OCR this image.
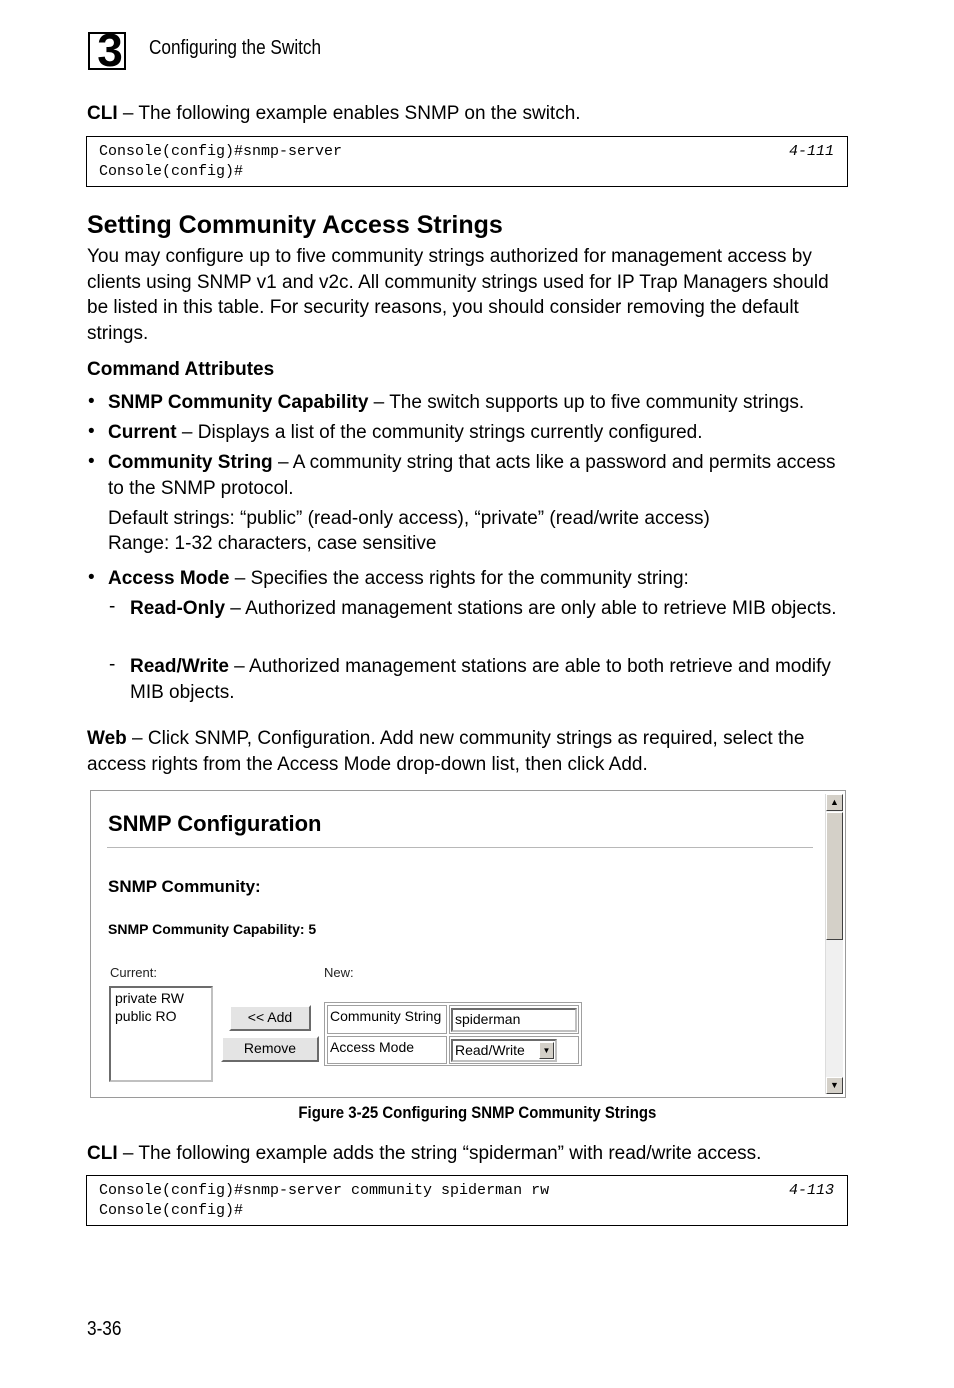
3	Configuring the Switch
CLI – The following example enables SNMP on the switch.
Console(config)#snmp-server
Console(config)#
4-111
Setting Community Access Strings
You may configure up to five community strings authorized for management access by clients using SNMP v1 and v2c. All community strings used for IP Trap Managers should be listed in this table. For security reasons, you should consider removing the default strings.
Command Attributes
• SNMP Community Capability – The switch supports up to five community strings.
• Current – Displays a list of the community strings currently configured.
• Community String – A community string that acts like a password and permits access to the SNMP protocol.
Default strings: “public” (read-only access), “private” (read/write access)
Range: 1-32 characters, case sensitive
• Access Mode – Specifies the access rights for the community string:
- Read-Only – Authorized management stations are only able to retrieve MIB objects.
- Read/Write – Authorized management stations are able to both retrieve and modify MIB objects.
Web – Click SNMP, Configuration. Add new community strings as required, select the access rights from the Access Mode drop-down list, then click Add.
SNMP Configuration
SNMP Community:
SNMP Community Capability: 5
Current:	New:
private RW
public RO	<< Add
Remove
Community String spiderman
Access Mode	Read/Write	▼
▲
▼
Figure 3-25 Configuring SNMP Community Strings
CLI – The following example adds the string “spiderman” with read/write access.
Console(config)#snmp-server community spiderman rw
Console(config)#
4-113
3-36
